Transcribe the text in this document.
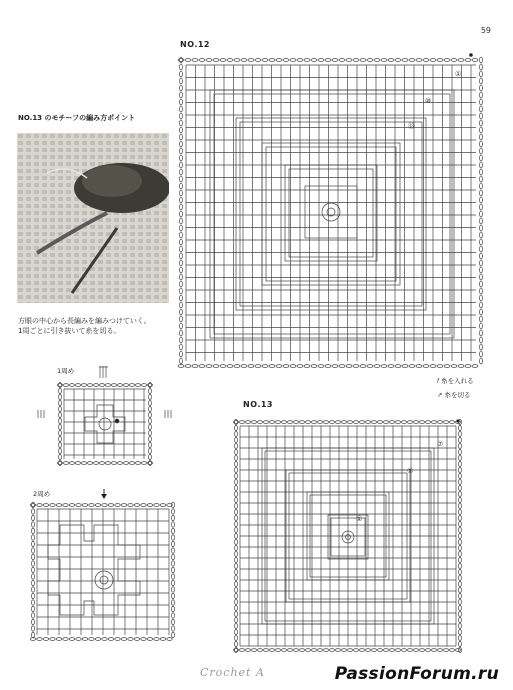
59
NO.12
NO.13 のモチーフの編み方ポイント
方眼の中心から長編みを編みつけていく。
1周ごとに引き抜いて糸を切る。
1周め
2周め
𝑓 糸を入れる
↗ 糸を切る
NO.13
①
⑩
⑬
⑦
⑤
①
Crochet A	PassionForum.ru
